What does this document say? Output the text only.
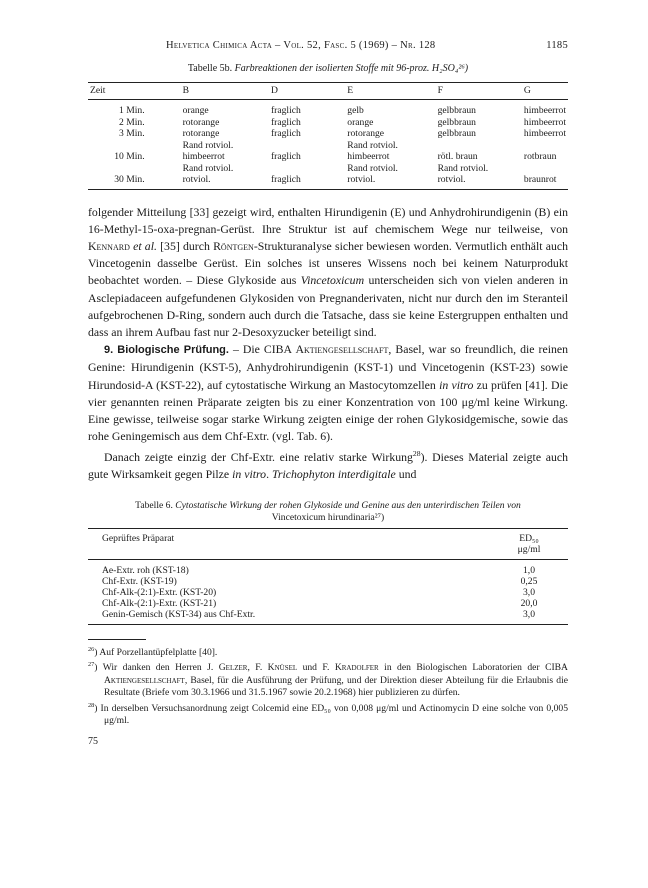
Helvetica Chimica Acta – Vol. 52, Fasc. 5 (1969) – Nr. 128	1185
Tabelle 5b. Farbreaktionen der isolierten Stoffe mit 96-proz. H₂SO₄²⁶)
Zeit	B	D	E	F	G
1 Min.	orange	fraglich	gelb	gelbbraun	himbeerrot
2 Min.	rotorange	fraglich	orange	gelbbraun	himbeerrot
3 Min.	rotorange	fraglich	rotorange	gelbbraun	himbeerrot
	Rand rotviol.		Rand rotviol.		
10 Min.	himbeerrot	fraglich	himbeerrot	rötl. braun	rotbraun
	Rand rotviol.		Rand rotviol.	Rand rotviol.	
30 Min.	rotviol.	fraglich	rotviol.	rotviol.	braunrot

folgender Mitteilung [33] gezeigt wird, enthalten Hirundigenin (E) und Anhydrohirundigenin (B) ein 16-Methyl-15-oxa-pregnan-Gerüst. Ihre Struktur ist auf chemischem Wege nur teilweise, von Kennard et al. [35] durch Röntgen-Strukturanalyse sicher bewiesen worden. Vermutlich enthält auch Vincetogenin dasselbe Gerüst. Ein solches ist unseres Wissens noch bei keinem Naturprodukt beobachtet worden. – Diese Glykoside aus Vincetoxicum unterscheiden sich von vielen anderen in Asclepiadaceen aufgefundenen Glykosiden von Pregnanderivaten, nicht nur durch den im Steranteil aufgebrochenen D-Ring, sondern auch durch die Tatsache, dass sie keine Estergruppen enthalten und dass an ihrem Aufbau fast nur 2-Desoxyzucker beteiligt sind.

9. Biologische Prüfung. – Die CIBA Aktiengesellschaft, Basel, war so freundlich, die reinen Genine: Hirundigenin (KST-5), Anhydrohirundigenin (KST-1) und Vincetogenin (KST-23) sowie Hirundosid-A (KST-22), auf cytostatische Wirkung an Mastocytomzellen in vitro zu prüfen [41]. Die vier genannten reinen Präparate zeigten bis zu einer Konzentration von 100 μg/ml keine Wirkung. Eine gewisse, teilweise sogar starke Wirkung zeigten einige der rohen Glykosidgemische, sowie das rohe Geningemisch aus dem Chf-Extr. (vgl. Tab. 6).

Danach zeigte einzig der Chf-Extr. eine relativ starke Wirkung$^{28}$). Dieses Material zeigte auch gute Wirksamkeit gegen Pilze in vitro. Trichophyton interdigitale und

Tabelle 6. Cytostatische Wirkung der rohen Glykoside und Genine aus den unterirdischen Teilen von
Vincetoxicum hirundinaria²⁷)
Geprüftes Präparat	ED₅₀
μg/ml

Ae-Extr. roh (KST-18)	1,0
Chf-Extr. (KST-19)	0,25
Chf-Alk-(2:1)-Extr. (KST-20)	3,0
Chf-Alk-(2:1)-Extr. (KST-21)	20,0
Genin-Gemisch (KST-34) aus Chf-Extr.	3,0
$^{26}$) Auf Porzellantüpfelplatte [40].
$^{27}$) Wir danken den Herren J. Gelzer, F. Knüsel und F. Kradolfer in den Biologischen Laboratorien der CIBA Aktiengesellschaft, Basel, für die Ausführung der Prüfung, und der Direktion dieser Abteilung für die Erlaubnis die Resultate (Briefe vom 30.3.1966 und 31.5.1967 sowie 20.2.1968) hier publizieren zu dürfen.
$^{28}$) In derselben Versuchsanordnung zeigt Colcemid eine ED₅₀ von 0,008 μg/ml und Actinomycin D eine solche von 0,005 μg/ml.
75
